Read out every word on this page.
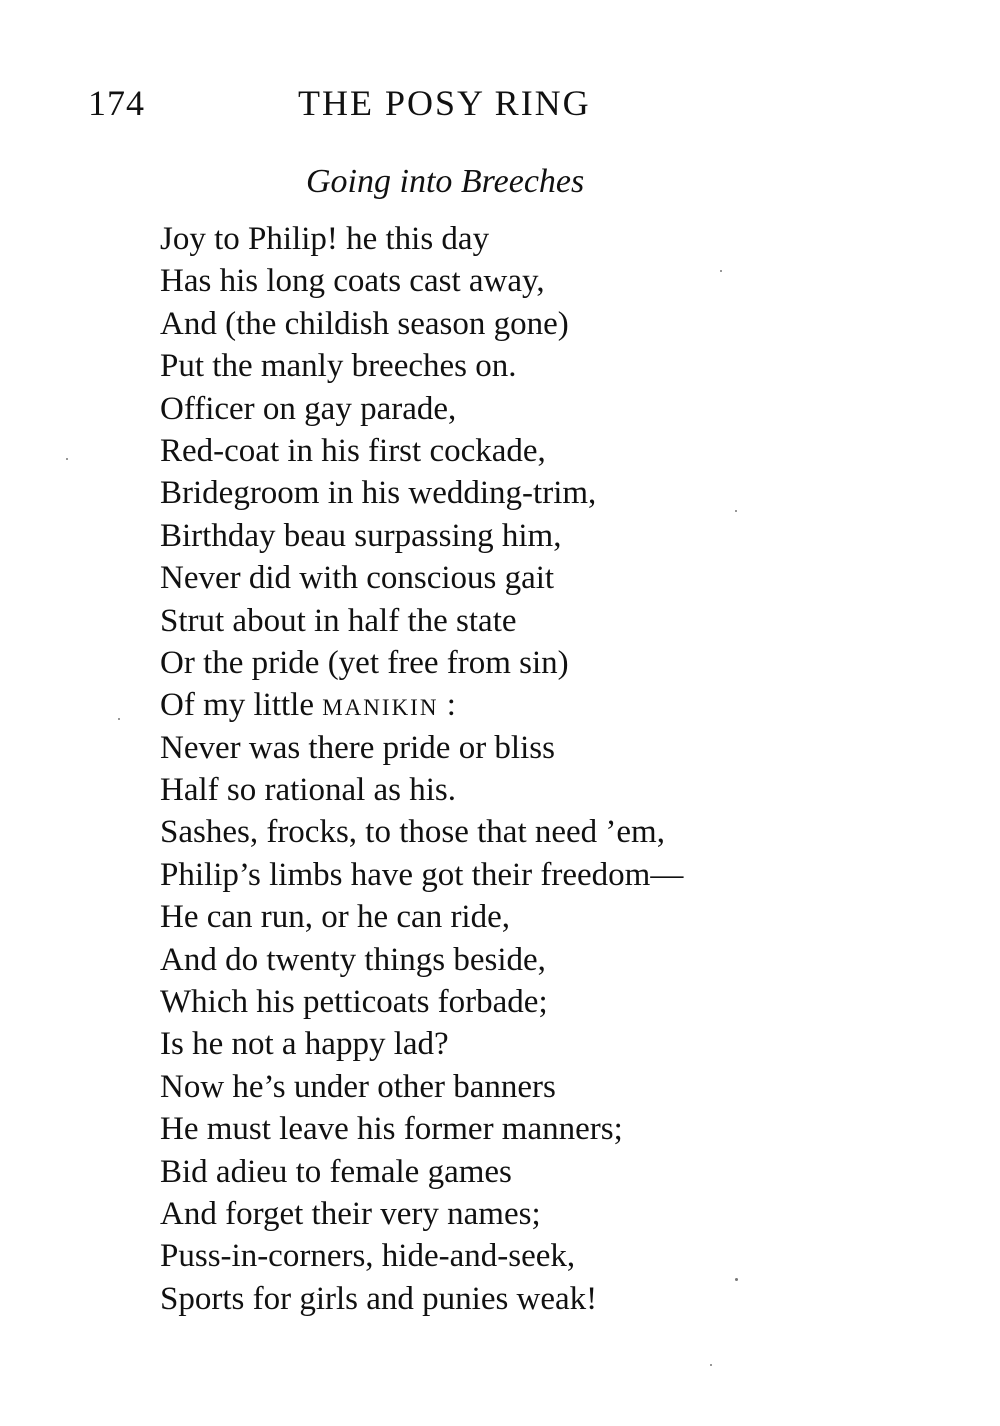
174	THE POSY RING
Going into Breeches
Joy to Philip! he this day
Has his long coats cast away,
And (the childish season gone)
Put the manly breeches on.
Officer on gay parade,
Red-coat in his first cockade,
Bridegroom in his wedding-trim,
Birthday beau surpassing him,
Never did with conscious gait
Strut about in half the state
Or the pride (yet free from sin)
Of my little manikin :
Never was there pride or bliss
Half so rational as his.
Sashes, frocks, to those that need ’em,
Philip’s limbs have got their freedom—
He can run, or he can ride,
And do twenty things beside,
Which his petticoats forbade;
Is he not a happy lad?
Now he’s under other banners
He must leave his former manners;
Bid adieu to female games
And forget their very names;
Puss-in-corners, hide-and-seek,
Sports for girls and punies weak!
